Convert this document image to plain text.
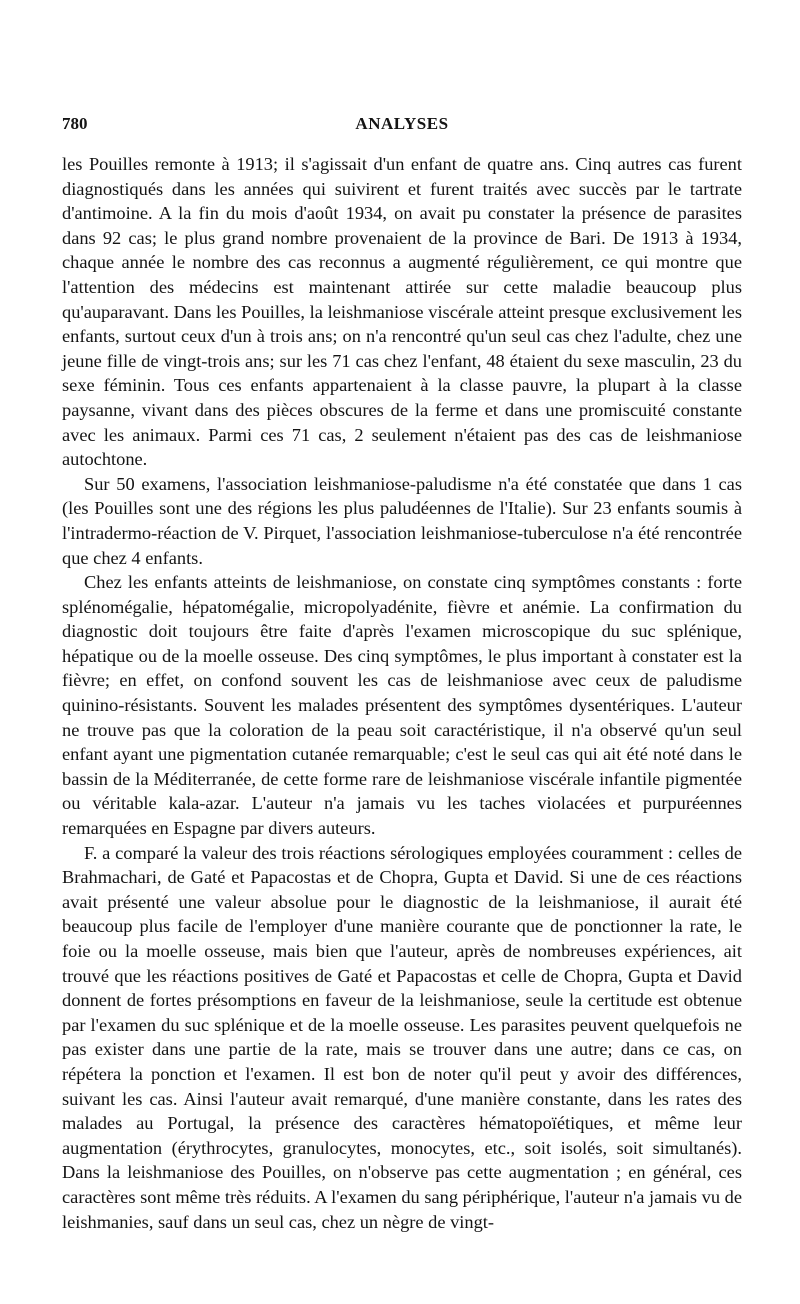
780	ANALYSES

les Pouilles remonte à 1913; il s'agissait d'un enfant de quatre ans. Cinq autres cas furent diagnostiqués dans les années qui suivirent et furent traités avec succès par le tartrate d'antimoine. A la fin du mois d'août 1934, on avait pu constater la présence de parasites dans 92 cas; le plus grand nombre provenaient de la province de Bari. De 1913 à 1934, chaque année le nombre des cas reconnus a augmenté régulièrement, ce qui montre que l'attention des médecins est maintenant attirée sur cette maladie beaucoup plus qu'auparavant. Dans les Pouilles, la leishmaniose viscérale atteint presque exclusivement les enfants, surtout ceux d'un à trois ans; on n'a rencontré qu'un seul cas chez l'adulte, chez une jeune fille de vingt-trois ans; sur les 71 cas chez l'enfant, 48 étaient du sexe masculin, 23 du sexe féminin. Tous ces enfants appartenaient à la classe pauvre, la plupart à la classe paysanne, vivant dans des pièces obscures de la ferme et dans une promiscuité constante avec les animaux. Parmi ces 71 cas, 2 seulement n'étaient pas des cas de leishmaniose autochtone.

Sur 50 examens, l'association leishmaniose-paludisme n'a été constatée que dans 1 cas (les Pouilles sont une des régions les plus paludéennes de l'Italie). Sur 23 enfants soumis à l'intradermo-réaction de V. Pirquet, l'association leishmaniose-tuberculose n'a été rencontrée que chez 4 enfants.

Chez les enfants atteints de leishmaniose, on constate cinq symptômes constants : forte splénomégalie, hépatomégalie, micropolyadénite, fièvre et anémie. La confirmation du diagnostic doit toujours être faite d'après l'examen microscopique du suc splénique, hépatique ou de la moelle osseuse. Des cinq symptômes, le plus important à constater est la fièvre; en effet, on confond souvent les cas de leishmaniose avec ceux de paludisme quinino-résistants. Souvent les malades présentent des symptômes dysentériques. L'auteur ne trouve pas que la coloration de la peau soit caractéristique, il n'a observé qu'un seul enfant ayant une pigmentation cutanée remarquable; c'est le seul cas qui ait été noté dans le bassin de la Méditerranée, de cette forme rare de leishmaniose viscérale infantile pigmentée ou véritable kala-azar. L'auteur n'a jamais vu les taches violacées et purpuréennes remarquées en Espagne par divers auteurs.

F. a comparé la valeur des trois réactions sérologiques employées couramment : celles de Brahmachari, de Gaté et Papacostas et de Chopra, Gupta et David. Si une de ces réactions avait présenté une valeur absolue pour le diagnostic de la leishmaniose, il aurait été beaucoup plus facile de l'employer d'une manière courante que de ponctionner la rate, le foie ou la moelle osseuse, mais bien que l'auteur, après de nombreuses expériences, ait trouvé que les réactions positives de Gaté et Papacostas et celle de Chopra, Gupta et David donnent de fortes présomptions en faveur de la leishmaniose, seule la certitude est obtenue par l'examen du suc splénique et de la moelle osseuse. Les parasites peuvent quelquefois ne pas exister dans une partie de la rate, mais se trouver dans une autre; dans ce cas, on répétera la ponction et l'examen. Il est bon de noter qu'il peut y avoir des différences, suivant les cas. Ainsi l'auteur avait remarqué, d'une manière constante, dans les rates des malades au Portugal, la présence des caractères hématopoïétiques, et même leur augmentation (érythrocytes, granulocytes, monocytes, etc., soit isolés, soit simultanés). Dans la leishmaniose des Pouilles, on n'observe pas cette augmentation ; en général, ces caractères sont même très réduits. A l'examen du sang périphérique, l'auteur n'a jamais vu de leishmanies, sauf dans un seul cas, chez un nègre de vingt-
